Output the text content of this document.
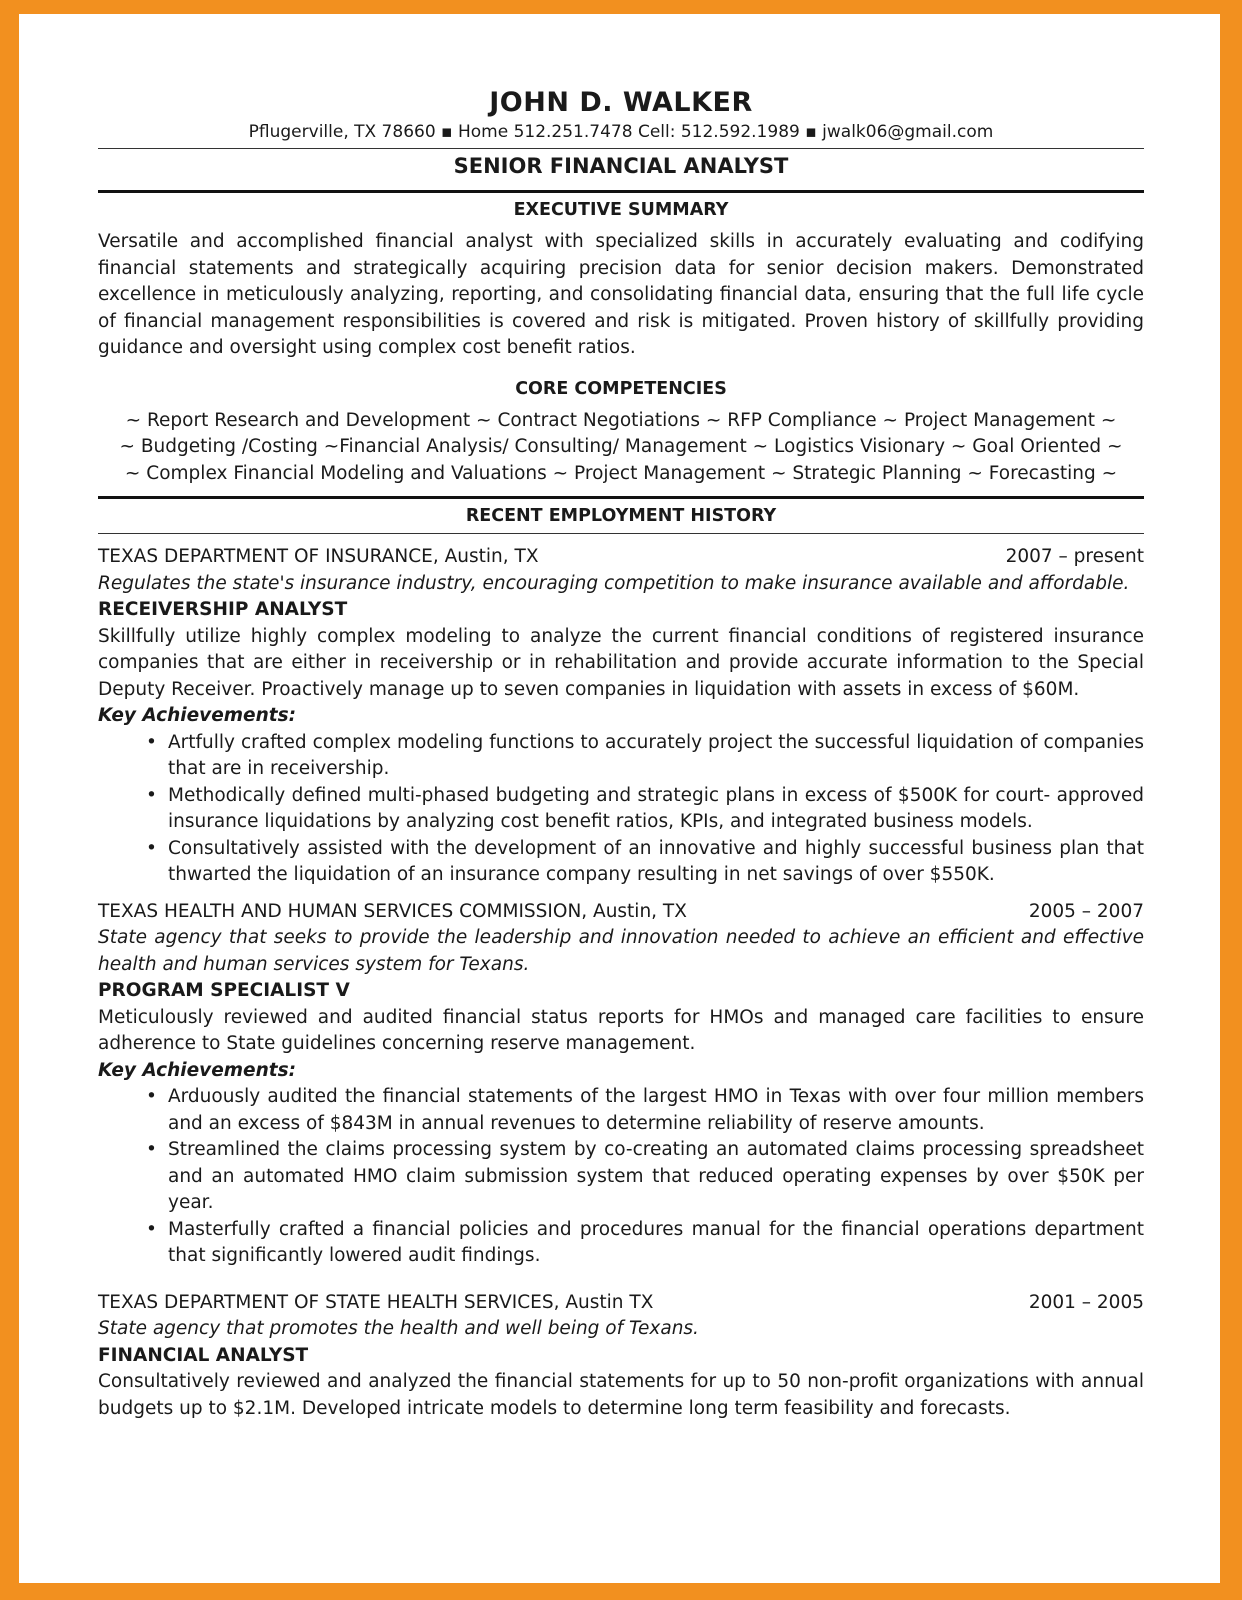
JOHN D. WALKER
Pflugerville, TX 78660 ▪ Home 512.251.7478 Cell: 512.592.1989 ▪ jwalk06@gmail.com
SENIOR FINANCIAL ANALYST
EXECUTIVE SUMMARY
Versatile and accomplished financial analyst with specialized skills in accurately evaluating and codifying financial statements and strategically acquiring precision data for senior decision makers. Demonstrated excellence in meticulously analyzing, reporting, and consolidating financial data, ensuring that the full life cycle of financial management responsibilities is covered and risk is mitigated. Proven history of skillfully providing guidance and oversight using complex cost benefit ratios.
CORE COMPETENCIES
~ Report Research and Development ~ Contract Negotiations ~ RFP Compliance ~ Project Management ~
~ Budgeting /Costing ~Financial Analysis/ Consulting/ Management ~ Logistics Visionary ~ Goal Oriented ~
~ Complex Financial Modeling and Valuations ~ Project Management ~ Strategic Planning ~ Forecasting ~
RECENT EMPLOYMENT HISTORY
TEXAS DEPARTMENT OF INSURANCE, Austin, TX	2007 – present
Regulates the state's insurance industry, encouraging competition to make insurance available and affordable.
RECEIVERSHIP ANALYST
Skillfully utilize highly complex modeling to analyze the current financial conditions of registered insurance companies that are either in receivership or in rehabilitation and provide accurate information to the Special Deputy Receiver. Proactively manage up to seven companies in liquidation with assets in excess of $60M.
Key Achievements:
• Artfully crafted complex modeling functions to accurately project the successful liquidation of companies that are in receivership.
• Methodically defined multi-phased budgeting and strategic plans in excess of $500K for court- approved insurance liquidations by analyzing cost benefit ratios, KPIs, and integrated business models.
• Consultatively assisted with the development of an innovative and highly successful business plan that thwarted the liquidation of an insurance company resulting in net savings of over $550K.
TEXAS HEALTH AND HUMAN SERVICES COMMISSION, Austin, TX	2005 – 2007
State agency that seeks to provide the leadership and innovation needed to achieve an efficient and effective health and human services system for Texans.
PROGRAM SPECIALIST V
Meticulously reviewed and audited financial status reports for HMOs and managed care facilities to ensure adherence to State guidelines concerning reserve management.
Key Achievements:
• Arduously audited the financial statements of the largest HMO in Texas with over four million members and an excess of $843M in annual revenues to determine reliability of reserve amounts.
• Streamlined the claims processing system by co-creating an automated claims processing spreadsheet and an automated HMO claim submission system that reduced operating expenses by over $50K per year.
• Masterfully crafted a financial policies and procedures manual for the financial operations department that significantly lowered audit findings.
TEXAS DEPARTMENT OF STATE HEALTH SERVICES, Austin TX	2001 – 2005
State agency that promotes the health and well being of Texans.
FINANCIAL ANALYST
Consultatively reviewed and analyzed the financial statements for up to 50 non-profit organizations with annual budgets up to $2.1M. Developed intricate models to determine long term feasibility and forecasts.
